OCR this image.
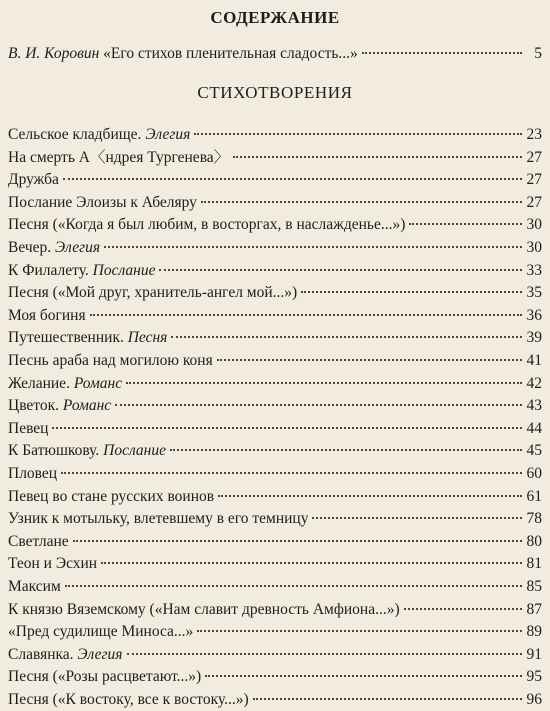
СОДЕРЖАНИЕ
В. И. Коровин «Его стихов пленительная сладость...»	5
СТИХОТВОРЕНИЯ
Сельское кладбище. Элегия	23
На смерть А〈ндрея Тургенева〉	27
Дружба	27
Послание Элоизы к Абеляру	27
Песня («Когда я был любим, в восторгах, в наслажденье...»)	30
Вечер. Элегия	30
К Филалету. Послание	33
Песня («Мой друг, хранитель-ангел мой...»)	35
Моя богиня	36
Путешественник. Песня	39
Песнь араба над могилою коня	41
Желание. Романс	42
Цветок. Романс	43
Певец	44
К Батюшкову. Послание	45
Пловец	60
Певец во стане русских воинов	61
Узник к мотыльку, влетевшему в его темницу	78
Светлане	80
Теон и Эсхин	81
Максим	85
К князю Вяземскому («Нам славит древность Амфиона...»)	87
«Пред судилище Миноса...»	89
Славянка. Элегия	91
Песня («Розы расцветают...»)	95
Песня («К востоку, все к востоку...»)	96
